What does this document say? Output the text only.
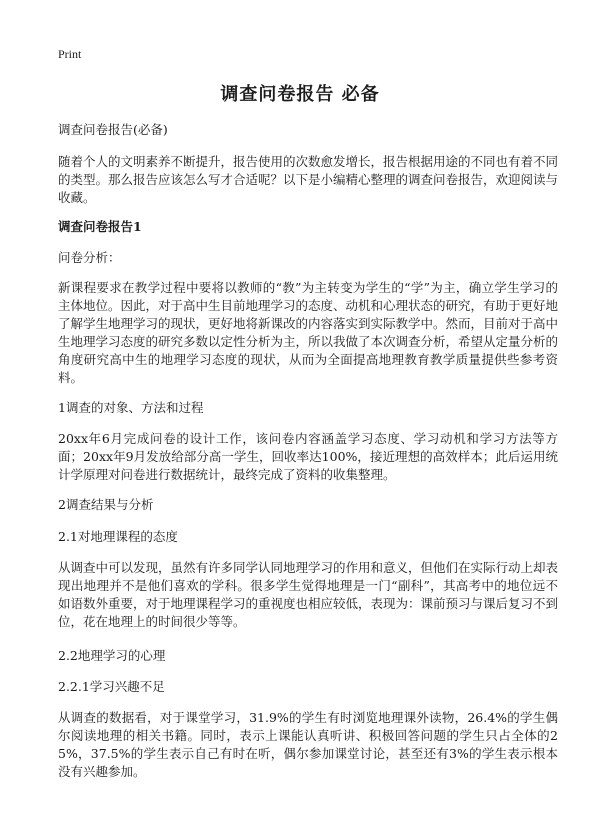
Print
调查问卷报告 必备
调查问卷报告(必备)
随着个人的文明素养不断提升，报告使用的次数愈发增长，报告根据用途的不同也有着不同的类型。那么报告应该怎么写才合适呢？以下是小编精心整理的调查问卷报告，欢迎阅读与收藏。
调查问卷报告1
问卷分析：
新课程要求在教学过程中要将以教师的“教”为主转变为学生的“学”为主，确立学生学习的主体地位。因此，对于高中生目前地理学习的态度、动机和心理状态的研究，有助于更好地了解学生地理学习的现状，更好地将新课改的内容落实到实际教学中。然而，目前对于高中生地理学习态度的研究多数以定性分析为主，所以我做了本次调查分析，希望从定量分析的角度研究高中生的地理学习态度的现状，从而为全面提高地理教育教学质量提供些参考资料。
1调查的对象、方法和过程
20xx年6月完成问卷的设计工作，该问卷内容涵盖学习态度、学习动机和学习方法等方面；20xx年9月发放给部分高一学生，回收率达100%，接近理想的高效样本；此后运用统计学原理对问卷进行数据统计，最终完成了资料的收集整理。
2调查结果与分析
2.1对地理课程的态度
从调查中可以发现，虽然有许多同学认同地理学习的作用和意义，但他们在实际行动上却表现出地理并不是他们喜欢的学科。很多学生觉得地理是一门“副科”，其高考中的地位远不如语数外重要，对于地理课程学习的重视度也相应较低，表现为：课前预习与课后复习不到位，花在地理上的时间很少等等。
2.2地理学习的心理
2.2.1学习兴趣不足
从调查的数据看，对于课堂学习，31.9%的学生有时浏览地理课外读物，26.4%的学生偶尔阅读地理的相关书籍。同时，表示上课能认真听讲、积极回答问题的学生只占全体的25%，37.5%的学生表示自己有时在听，偶尔参加课堂讨论，甚至还有3%的学生表示根本没有兴趣参加。
